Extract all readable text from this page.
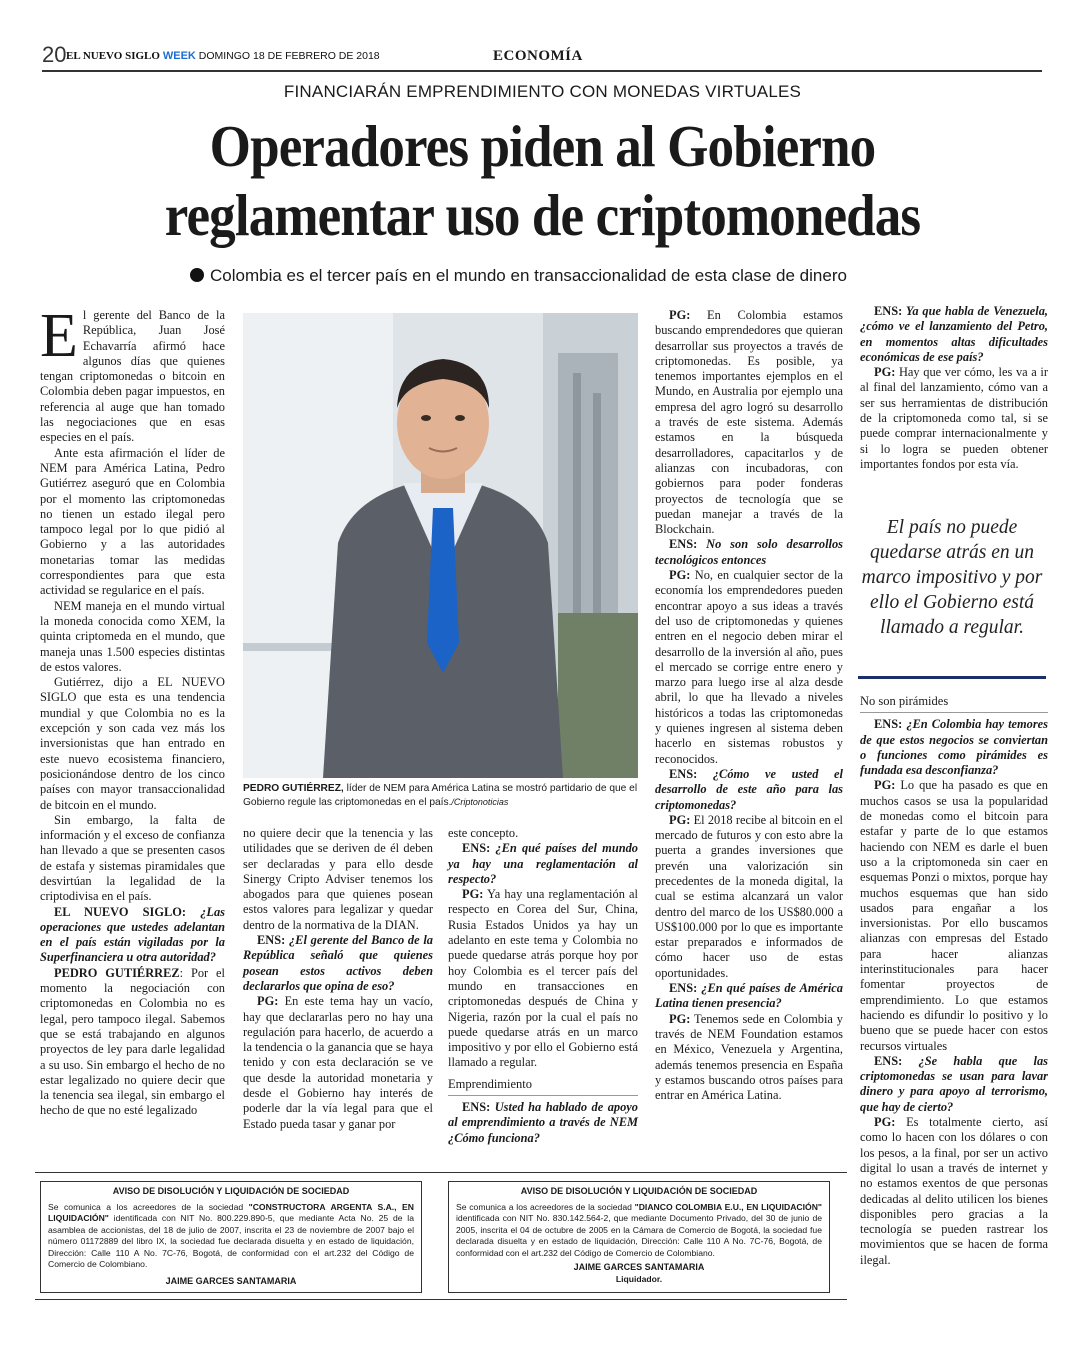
20 EL NUEVO SIGLO WEEK DOMINGO 18 DE FEBRERO DE 2018	ECONOMÍA
FINANCIARÁN EMPRENDIMIENTO CON MONEDAS VIRTUALES
Operadores piden al Gobierno
reglamentar uso de criptomonedas
Colombia es el tercer país en el mundo en transaccionalidad de esta clase de dinero

El gerente del Banco de la República, Juan José Echavarría afirmó hace algunos días que quienes tengan criptomonedas o bitcoin en Colombia deben pagar impuestos, en referencia al auge que han tomado las negociaciones que en esas especies en el país.

Ante esta afirmación el líder de NEM para América Latina, Pedro Gutiérrez aseguró que en Colombia por el momento las criptomonedas no tienen un estado ilegal pero tampoco legal por lo que pidió al Gobierno y a las autoridades monetarias tomar las medidas correspondientes para que esta actividad se regularice en el país.

NEM maneja en el mundo virtual la moneda conocida como XEM, la quinta criptomeda en el mundo, que maneja unas 1.500 especies distintas de estos valores.

Gutiérrez, dijo a EL NUEVO SIGLO que esta es una tendencia mundial y que Colombia no es la excepción y son cada vez más los inversionistas que han entrado en este nuevo ecosistema financiero, posicionándose dentro de los cinco países con mayor transaccionalidad de bitcoin en el mundo.

Sin embargo, la falta de información y el exceso de confianza han llevado a que se presenten casos de estafa y sistemas piramidales que desvirtúan la legalidad de la criptodivisa en el país.

EL NUEVO SIGLO: ¿Las operaciones que ustedes adelantan en el país están vigiladas por la Superfinanciera u otra autoridad?

PEDRO GUTIÉRREZ: Por el momento la negociación con criptomonedas en Colombia no es legal, pero tampoco ilegal. Sabemos que se está trabajando en algunos proyectos de ley para darle legalidad a su uso. Sin embargo el hecho de no estar legalizado no quiere decir que la tenencia sea ilegal, sin embargo el hecho de que no esté legalizado

PEDRO GUTIÉRREZ, líder de NEM para América Latina se mostró partidario de que el Gobierno regule las criptomonedas en el país./Criptonoticias

no quiere decir que la tenencia y las utilidades que se deriven de él deben ser declaradas y para ello desde Sinergy Cripto Adviser tenemos los abogados para que quienes posean estos valores para legalizar y quedar dentro de la normativa de la DIAN.

ENS: ¿El gerente del Banco de la República señaló que quienes posean estos activos deben declararlos que opina de eso?

PG: En este tema hay un vacío, hay que declararlas pero no hay una regulación para hacerlo, de acuerdo a la tendencia o la ganancia que se haya tenido y con esta declaración se ve que desde la autoridad monetaria y desde el Gobierno hay interés de poderle dar la vía legal para que el Estado pueda tasar y ganar por

este concepto.

ENS: ¿En qué países del mundo ya hay una reglamentación al respecto?

PG: Ya hay una reglamentación al respecto en Corea del Sur, China, Rusia Estados Unidos ya hay un adelanto en este tema y Colombia no puede quedarse atrás porque hoy por hoy Colombia es el tercer país del mundo en transacciones en criptomonedas después de China y Nigeria, razón por la cual el país no puede quedarse atrás en un marco impositivo y por ello el Gobierno está llamado a regular.

Emprendimiento

ENS: Usted ha hablado de apoyo al emprendimiento a través de NEM ¿Cómo funciona?

PG: En Colombia estamos buscando emprendedores que quieran desarrollar sus proyectos a través de criptomonedas. Es posible, ya tenemos importantes ejemplos en el Mundo, en Australia por ejemplo una empresa del agro logró su desarrollo a través de este sistema. Además estamos en la búsqueda desarrolladores, capacitarlos y de alianzas con incubadoras, con gobiernos para poder fonderas proyectos de tecnología que se puedan manejar a través de la Blockchain.

ENS: No son solo desarrollos tecnológicos entonces

PG: No, en cualquier sector de la economía los emprendedores pueden encontrar apoyo a sus ideas a través del uso de criptomonedas y quienes entren en el negocio deben mirar el desarrollo de la inversión al año, pues el mercado se corrige entre enero y marzo para luego irse al alza desde abril, lo que ha llevado a niveles históricos a todas las criptomonedas y quienes ingresen al sistema deben hacerlo en sistemas robustos y reconocidos.

ENS: ¿Cómo ve usted el desarrollo de este año para las criptomonedas?

PG: El 2018 recibe al bitcoin en el mercado de futuros y con esto abre la puerta a grandes inversiones que prevén una valorización sin precedentes de la moneda digital, la cual se estima alcanzará un valor dentro del marco de los US$80.000 a US$100.000 por lo que es importante estar preparados e informados de cómo hacer uso de estas oportunidades.

ENS: ¿En qué países de América Latina tienen presencia?

PG: Tenemos sede en Colombia y través de NEM Foundation estamos en México, Venezuela y Argentina, además tenemos presencia en España y estamos buscando otros países para entrar en América Latina.

ENS: Ya que habla de Venezuela, ¿cómo ve el lanzamiento del Petro, en momentos altas dificultades económicas de ese país?

PG: Hay que ver cómo, les va a ir al final del lanzamiento, cómo van a ser sus herramientas de distribución de la criptomoneda como tal, si se puede comprar internacionalmente y si lo logra se pueden obtener importantes fondos por esta vía.

El país no puede quedarse atrás en un marco impositivo y por ello el Gobierno está llamado a regular.
No son pirámides

ENS: ¿En Colombia hay temores de que estos negocios se conviertan o funciones como pirámides es fundada esa desconfianza?

PG: Lo que ha pasado es que en muchos casos se usa la popularidad de monedas como el bitcoin para estafar y parte de lo que estamos haciendo con NEM es darle el buen uso a la criptomoneda sin caer en esquemas Ponzi o mixtos, porque hay muchos esquemas que han sido usados para engañar a los inversionistas. Por ello buscamos alianzas con empresas del Estado para hacer alianzas interinstitucionales para hacer fomentar proyectos de emprendimiento. Lo que estamos haciendo es difundir lo positivo y lo bueno que se puede hacer con estos recursos virtuales

ENS: ¿Se habla que las criptomonedas se usan para lavar dinero y para apoyo al terrorismo, que hay de cierto?

PG: Es totalmente cierto, así como lo hacen con los dólares o con los pesos, a la final, por ser un activo digital lo usan a través de internet y no estamos exentos de que personas dedicadas al delito utilicen los bienes disponibles pero gracias a la tecnología se pueden rastrear los movimientos que se hacen de forma ilegal.

AVISO DE DISOLUCIÓN Y LIQUIDACIÓN DE SOCIEDAD
Se comunica a los acreedores de la sociedad "CONSTRUCTORA ARGENTA S.A., EN LIQUIDACIÓN" identificada con NIT No. 800.229.890-5, que mediante Acta No. 25 de la asamblea de accionistas, del 18 de julio de 2007, inscrita el 23 de noviembre de 2007 bajo el número 01172889 del libro IX, la sociedad fue declarada disuelta y en estado de liquidación, Dirección: Calle 110 A No. 7C-76, Bogotá, de conformidad con el art.232 del Código de Comercio de Colombiano.
JAIME GARCES SANTAMARIA
AVISO DE DISOLUCIÓN Y LIQUIDACIÓN DE SOCIEDAD
Se comunica a los acreedores de la sociedad "DIANCO COLOMBIA E.U., EN LIQUIDACIÓN" identificada con NIT No. 830.142.564-2, que mediante Documento Privado, del 30 de junio de 2005, inscrita el 04 de octubre de 2005 en la Cámara de Comercio de Bogotá, la sociedad fue declarada disuelta y en estado de liquidación, Dirección: Calle 110 A No. 7C-76, Bogotá, de conformidad con el art.232 del Código de Comercio de Colombiano.
JAIME GARCES SANTAMARIA
Liquidador.
